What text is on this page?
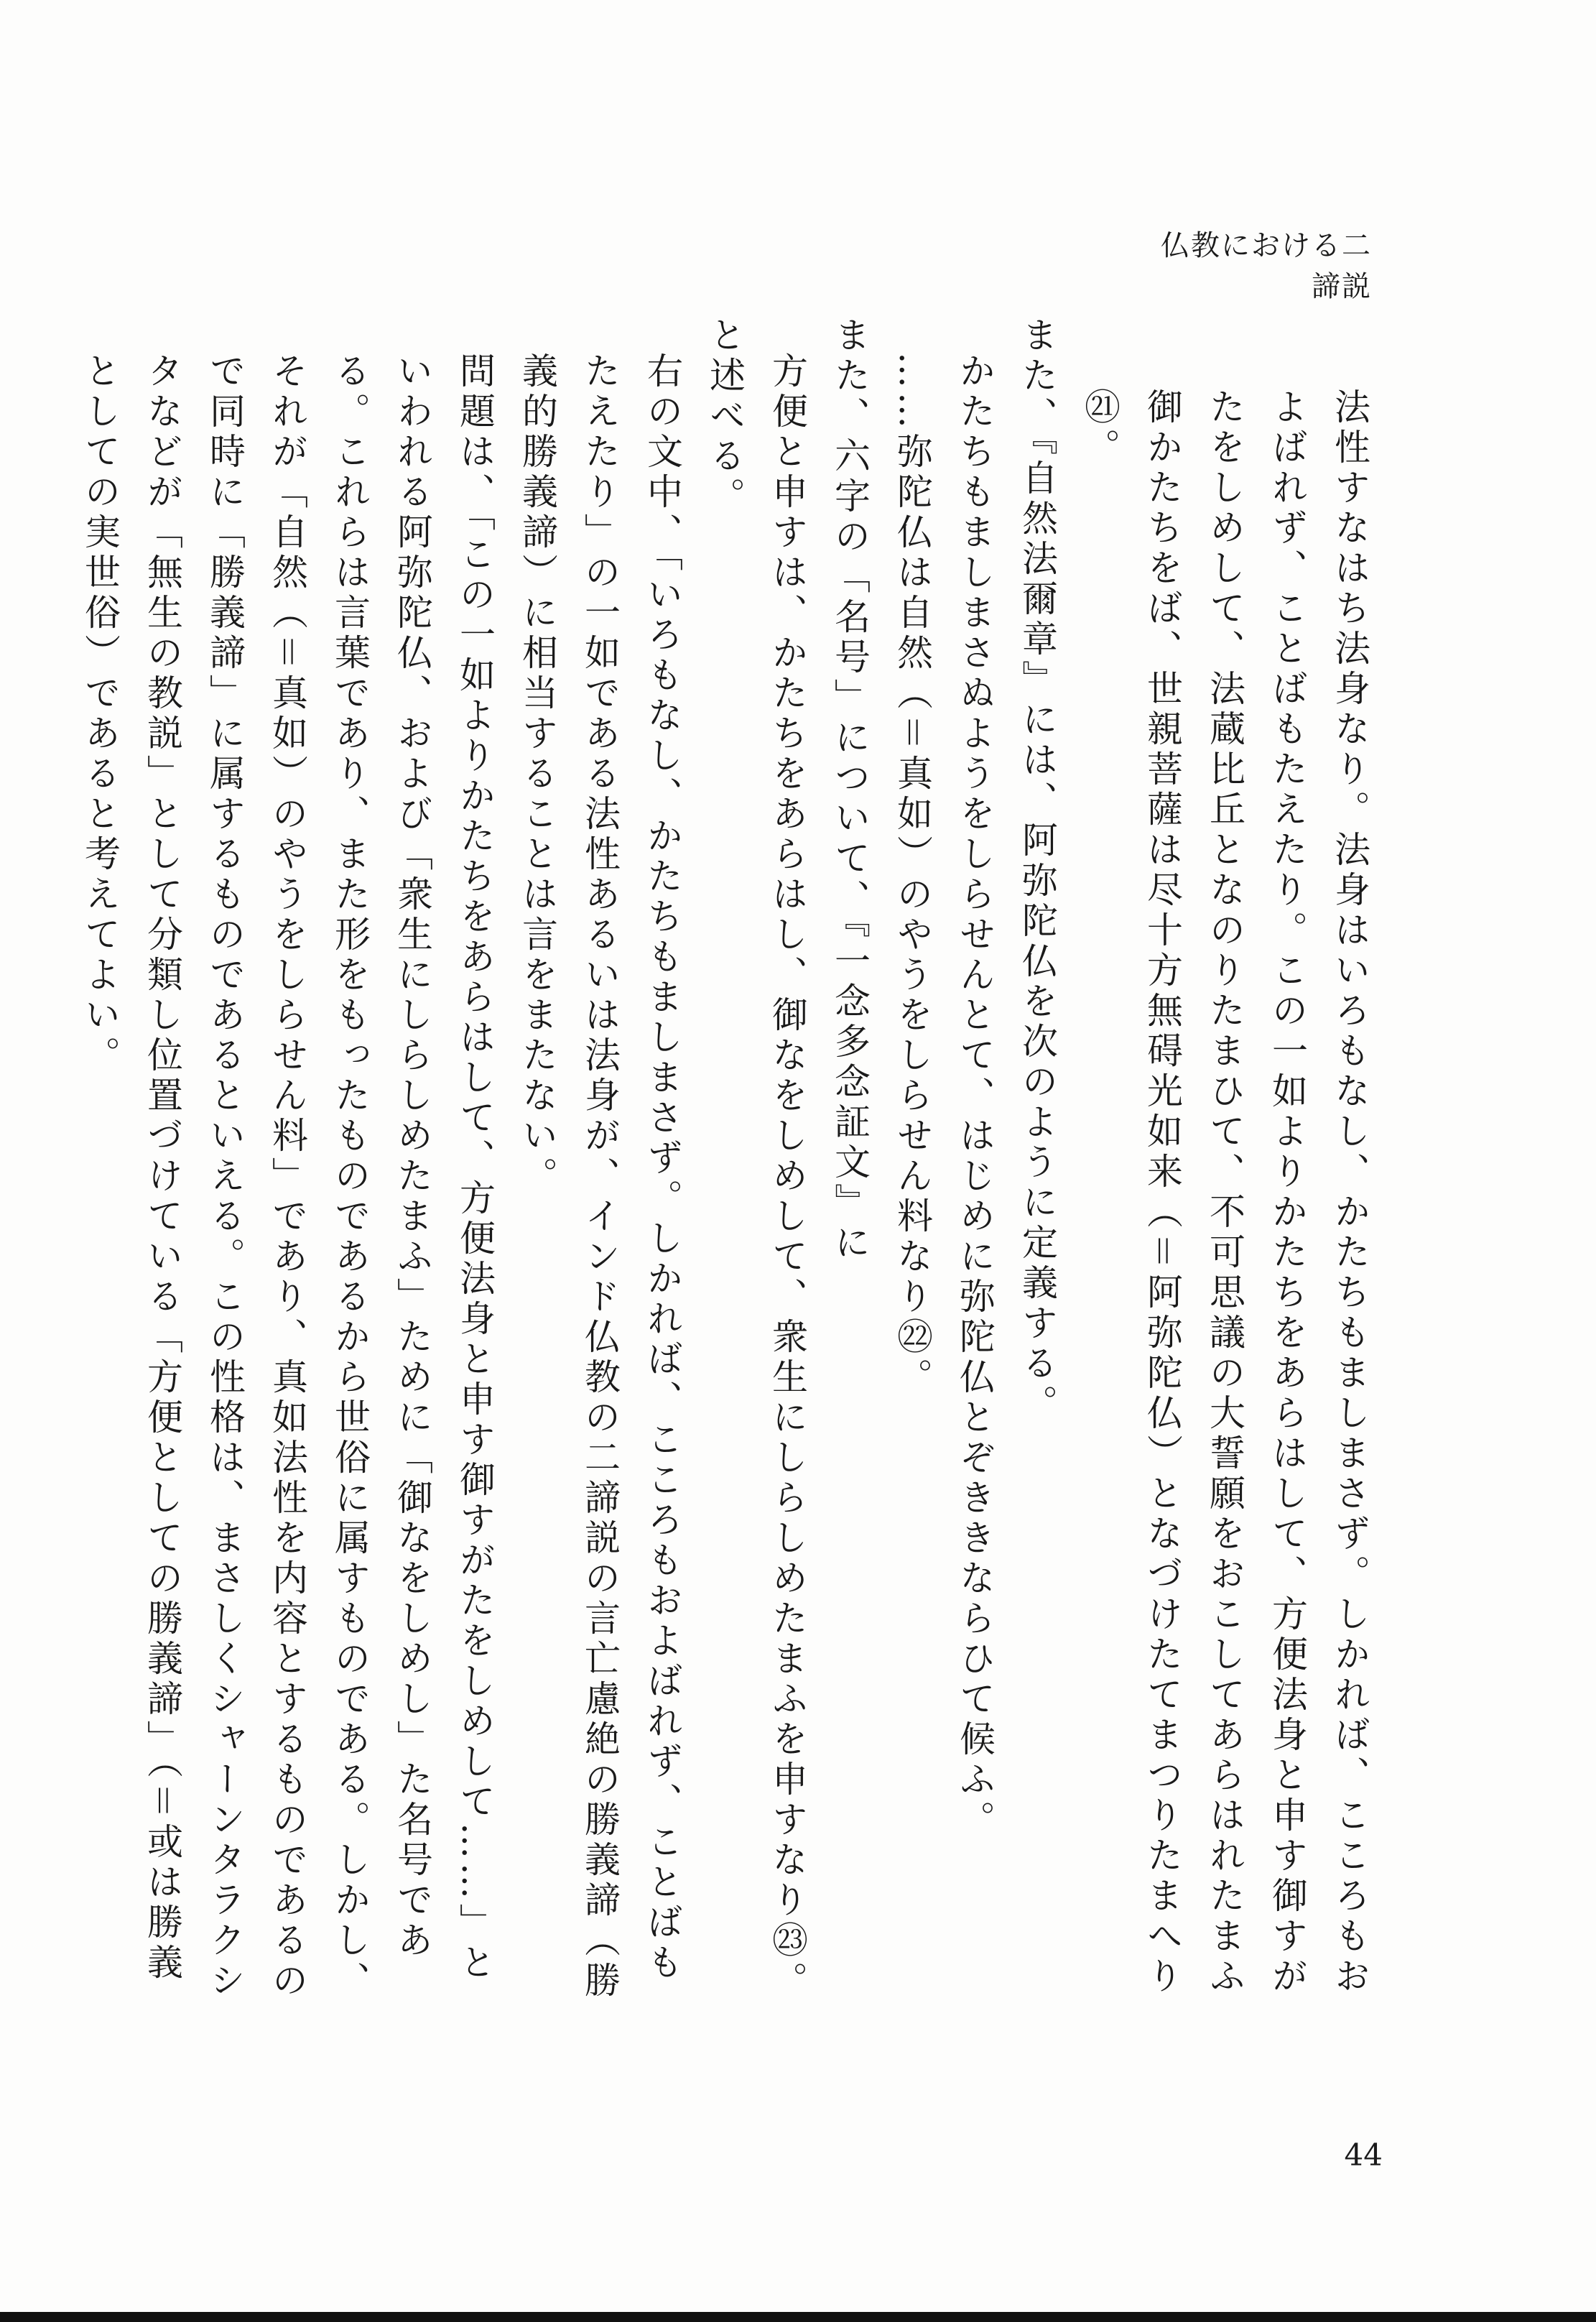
仏教における二諦説

法性すなはち法身なり。法身はいろもなし、かたちもましまさず。しかれば、こころもおよばれず、ことばもたえたり。この一如よりかたちをあらはして、方便法身と申す御すがたをしめして、法蔵比丘となのりたまひて、不可思議の大誓願をおこしてあらはれたまふ御かたちをば、世親菩薩は尽十方無碍光如来（＝阿弥陀仏）となづけたてまつりたまへり㉑。

また、『自然法爾章』には、阿弥陀仏を次のように定義する。

かたちもましまさぬようをしらせんとて、はじめに弥陀仏とぞききならひて候ふ。

……弥陀仏は自然（＝真如）のやうをしらせん料なり㉒。

また、六字の「名号」について、『一念多念証文』に

方便と申すは、かたちをあらはし、御なをしめして、衆生にしらしめたまふを申すなり㉓。

と述べる。

右の文中、「いろもなし、かたちもましまさず。しかれば、こころもおよばれず、ことばもたえたり」の一如である法性あるいは法身が、インド仏教の二諦説の言亡慮絶の勝義諦（勝義的勝義諦）に相当することは言をまたない。

問題は、「この一如よりかたちをあらはして、方便法身と申す御すがたをしめして……」といわれる阿弥陀仏、および「衆生にしらしめたまふ」ために「御なをしめし」た名号である。これらは言葉であり、また形をもったものであるから世俗に属すものである。しかし、それが「自然（＝真如）のやうをしらせん料」であり、真如法性を内容とするものであるので同時に「勝義諦」に属するものであるといえる。この性格は、まさしくシャーンタラクシタなどが「無生の教説」として分類し位置づけている「方便としての勝義諦」（＝或は勝義としての実世俗）であると考えてよい。

44
